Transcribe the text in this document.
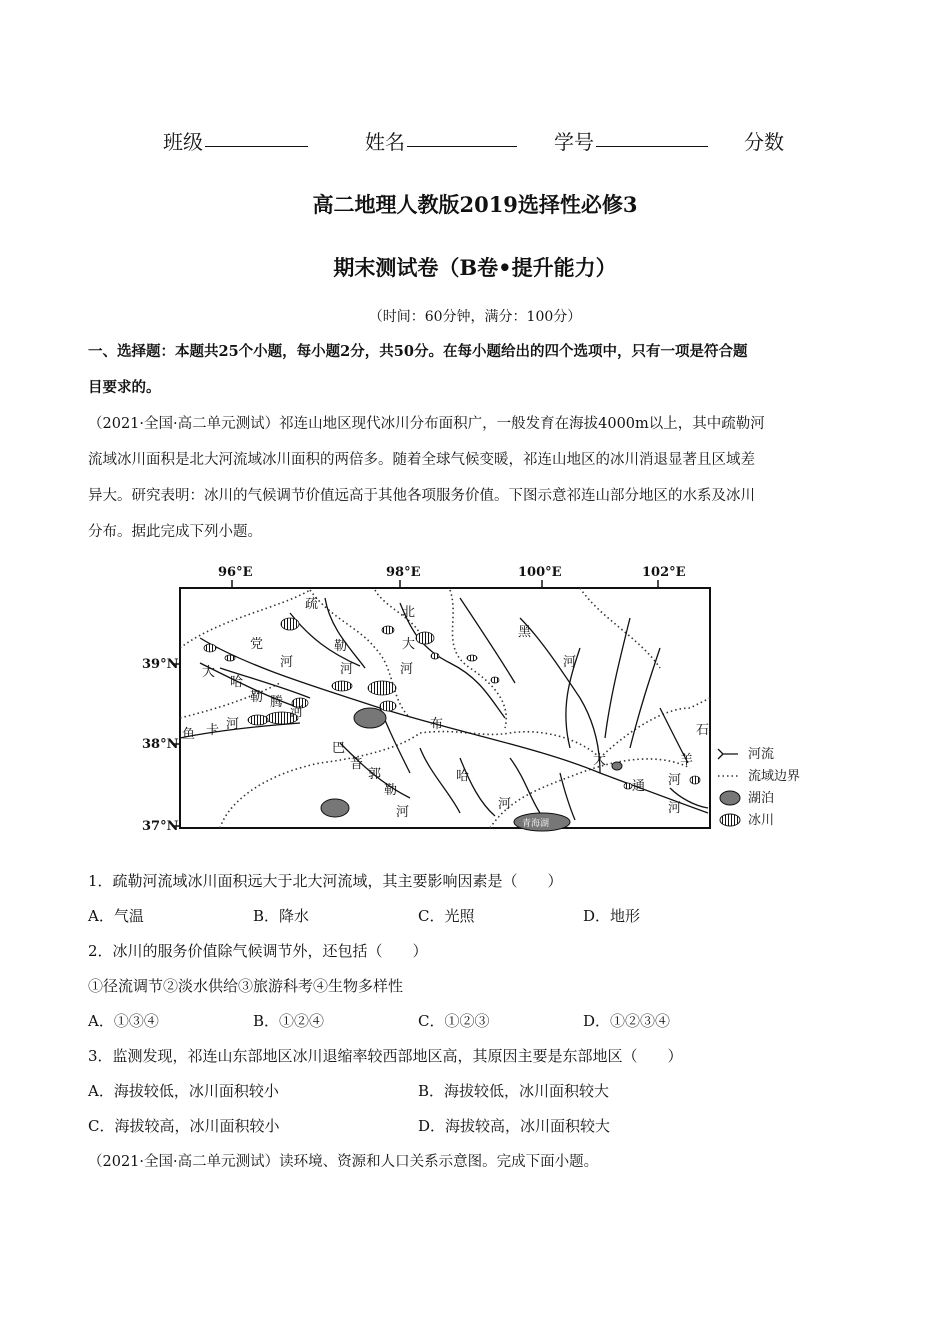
班级	姓名	学号	分数
高二地理人教版2019选择性必修3
期末测试卷（B卷•提升能力）
（时间：60分钟，满分：100分）
一、选择题：本题共25个小题，每小题2分，共50分。在每小题给出的四个选项中，只有一项是符合题
目要求的。
（2021·全国·高二单元测试）祁连山地区现代冰川分布面积广，一般发育在海拔4000m以上，其中疏勒河
流域冰川面积是北大河流域冰川面积的两倍多。随着全球气候变暖，祁连山地区的冰川消退显著且区域差
异大。研究表明：冰川的气候调节价值远高于其他各项服务价值。下图示意祁连山部分地区的水系及冰川
分布。据此完成下列小题。
96°E	98°E	100°E	102°E
39°N
38°N
37°N
疏
勒
河
党
河
北
大
河
黑
河
大
哈
勒 腾
河
鱼 卡 河
巴
音
郭
勒
河
布
哈
河
大
通
河
石
羊
河
青海湖
河流
流域边界
湖泊
冰川
1．疏勒河流域冰川面积远大于北大河流域，其主要影响因素是（　　）
A．气温	B．降水	C．光照	D．地形
2．冰川的服务价值除气候调节外，还包括（　　）
①径流调节②淡水供给③旅游科考④生物多样性
A．①③④	B．①②④	C．①②③	D．①②③④
3．监测发现，祁连山东部地区冰川退缩率较西部地区高，其原因主要是东部地区（　　）
A．海拔较低，冰川面积较小	B．海拔较低，冰川面积较大
C．海拔较高，冰川面积较小	D．海拔较高，冰川面积较大
（2021·全国·高二单元测试）读环境、资源和人口关系示意图。完成下面小题。
